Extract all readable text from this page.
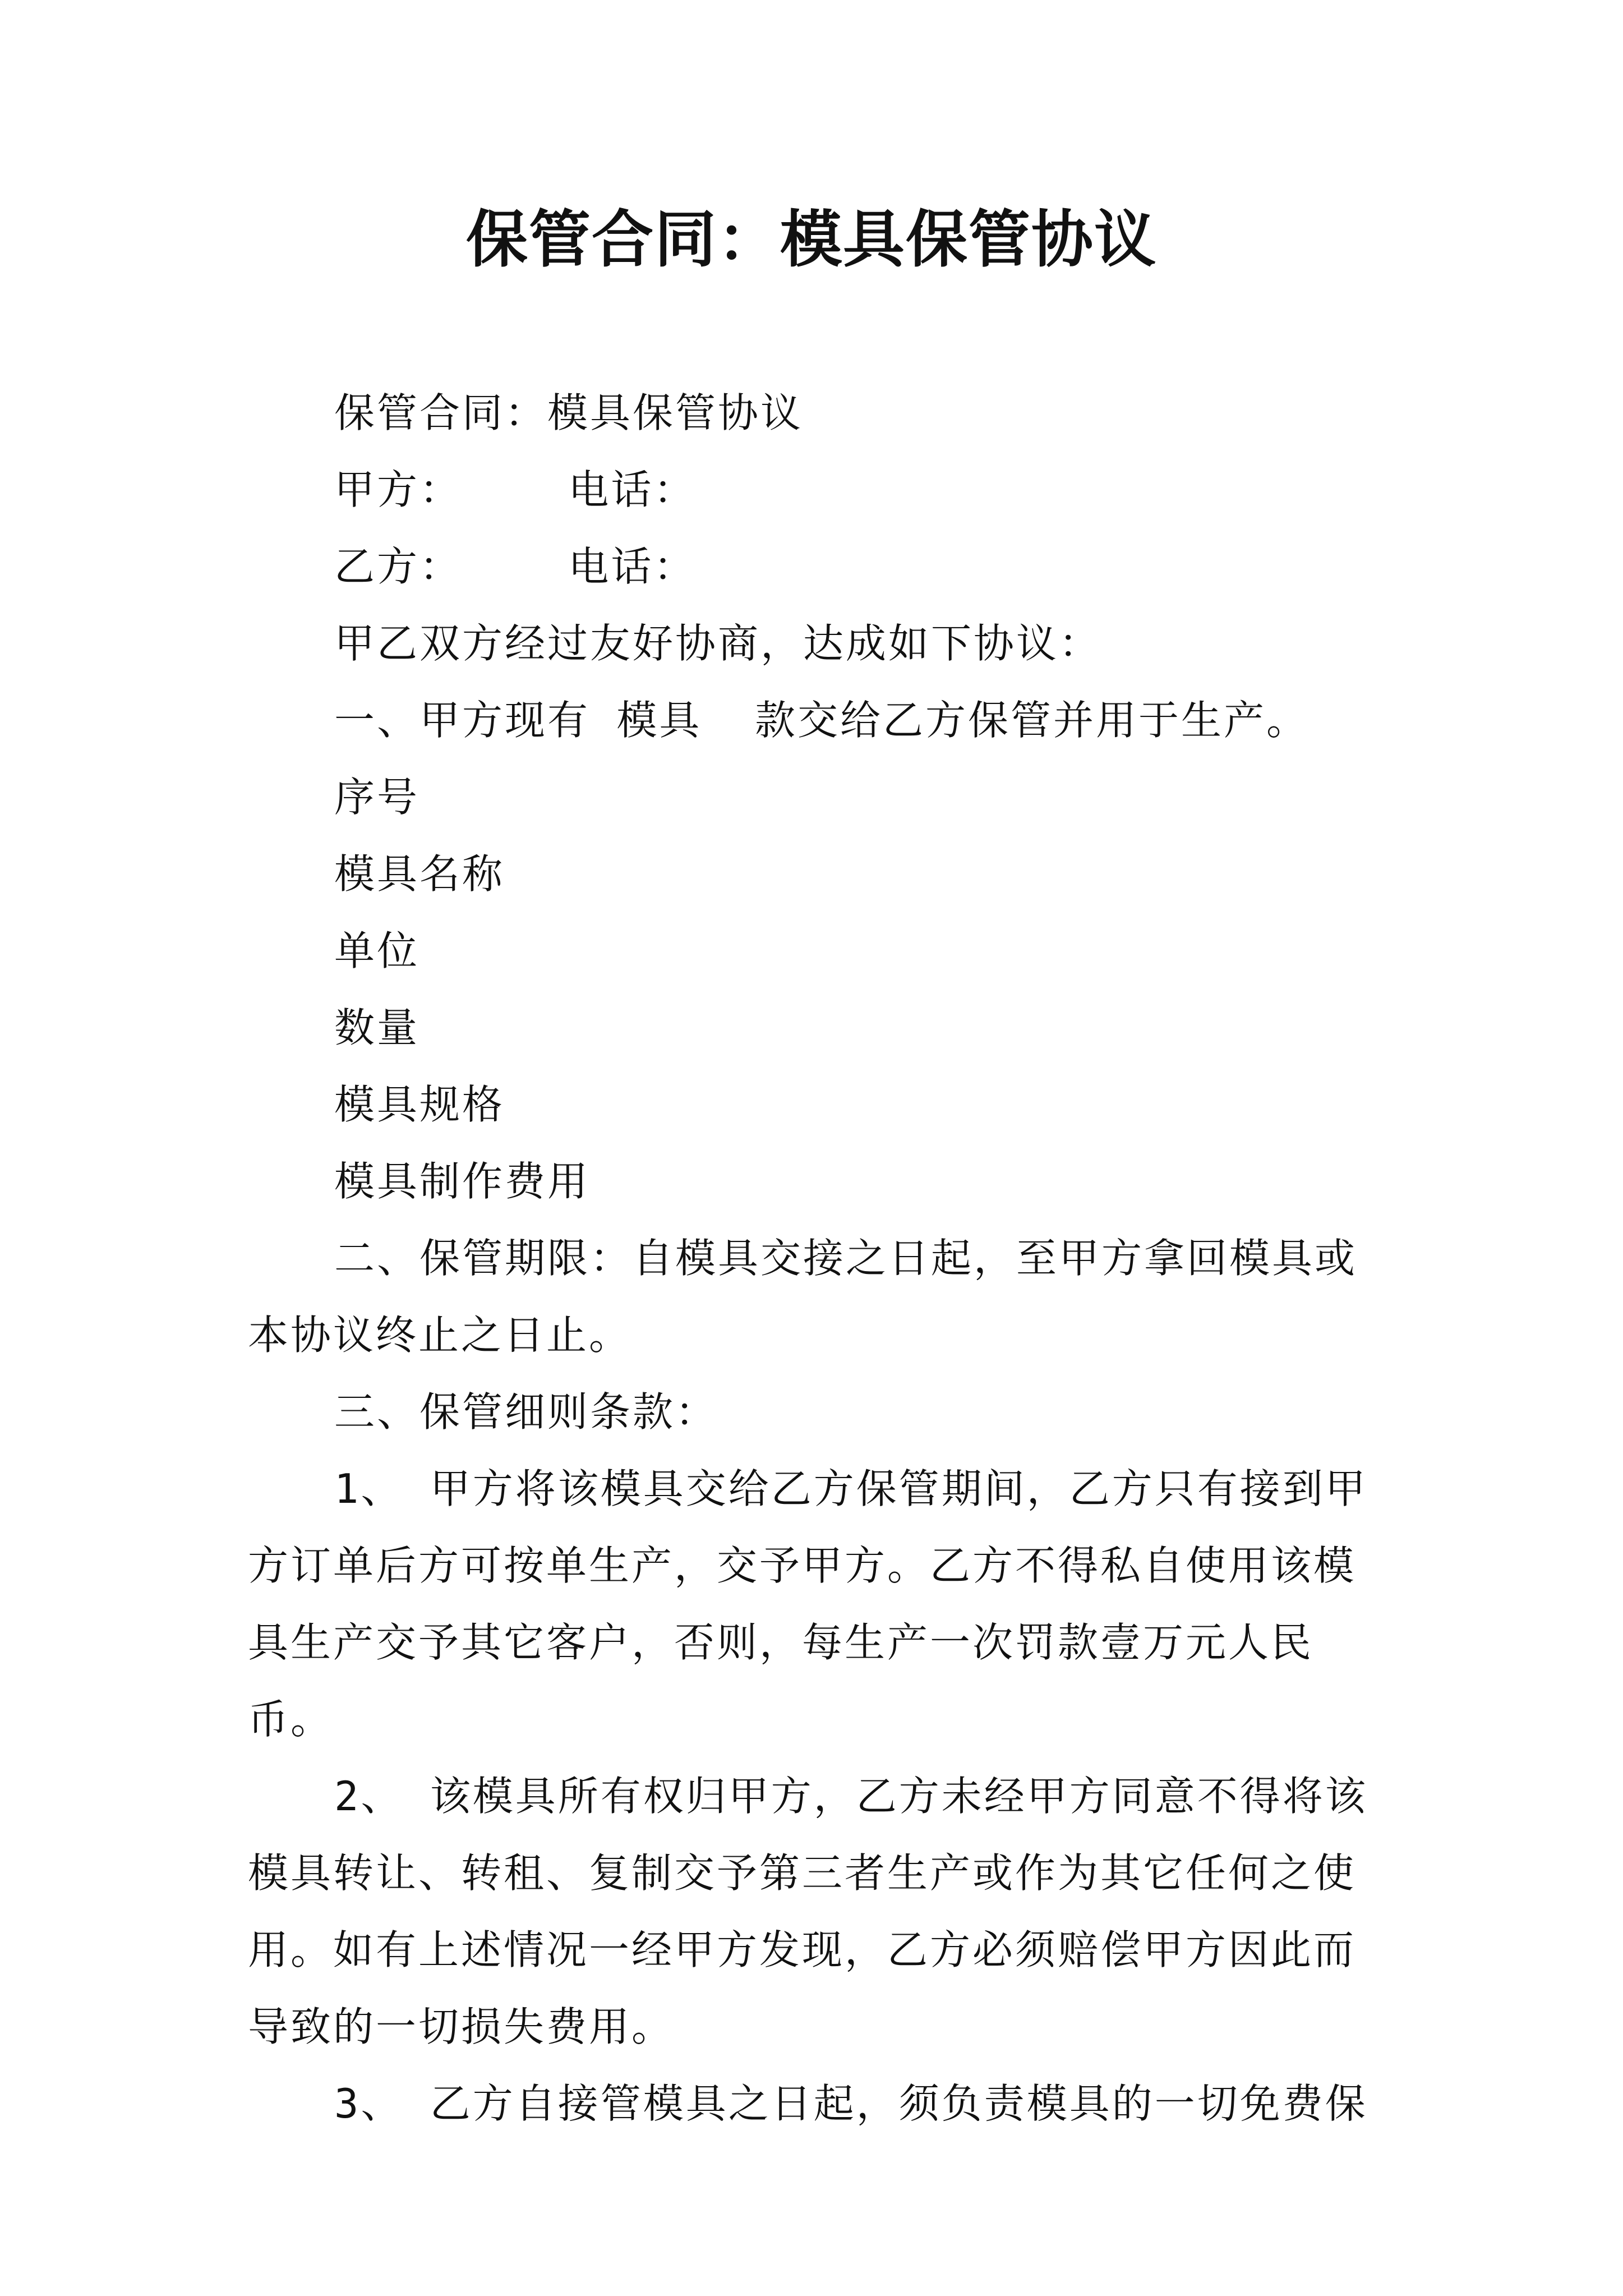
保管合同：模具保管协议

保管合同：模具保管协议

甲方：    电话：

乙方：    电话：

甲乙双方经过友好协商，达成如下协议：

一、甲方现有 模具  款交给乙方保管并用于生产。

序号

模具名称

单位

数量

模具规格

模具制作费用

二、保管期限：自模具交接之日起，至甲方拿回模具或本协议终止之日止。

三、保管细则条款：

1、 甲方将该模具交给乙方保管期间，乙方只有接到甲方订单后方可按单生产，交予甲方。乙方不得私自使用该模具生产交予其它客户，否则，每生产一次罚款壹万元人民币。

2、 该模具所有权归甲方，乙方未经甲方同意不得将该模具转让、转租、复制交予第三者生产或作为其它任何之使用。如有上述情况一经甲方发现，乙方必须赔偿甲方因此而导致的一切损失费用。

3、 乙方自接管模具之日起，须负责模具的一切免费保
